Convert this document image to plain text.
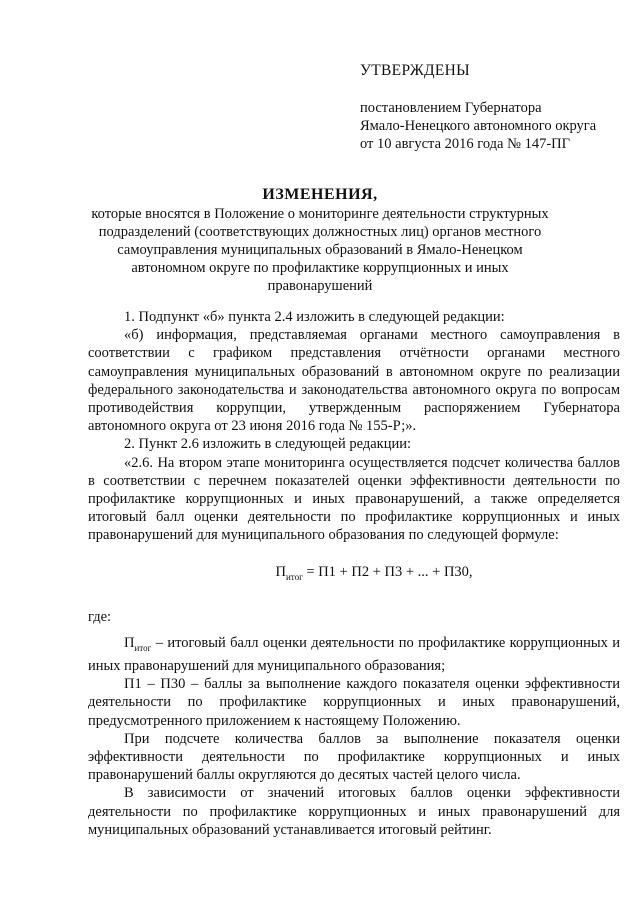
УТВЕРЖДЕНЫ
постановлением Губернатора
Ямало-Ненецкого автономного округа
от 10 августа 2016 года № 147-ПГ
ИЗМЕНЕНИЯ,
которые вносятся в Положение о мониторинге деятельности структурных подразделений (соответствующих должностных лиц) органов местного самоуправления муниципальных образований в Ямало-Ненецком автономном округе по профилактике коррупционных и иных правонарушений

1. Подпункт «б» пункта 2.4 изложить в следующей редакции:

«б) информация, представляемая органами местного самоуправления в соответствии с графиком представления отчётности органами местного самоуправления муниципальных образований в автономном округе по реализации федерального законодательства и законодательства автономного округа по вопросам противодействия коррупции, утвержденным распоряжением Губернатора автономного округа от 23 июня 2016 года № 155-Р;».

2. Пункт 2.6 изложить в следующей редакции:

«2.6. На втором этапе мониторинга осуществляется подсчет количества баллов в соответствии с перечнем показателей оценки эффективности деятельности по профилактике коррупционных и иных правонарушений, а также определяется итоговый балл оценки деятельности по профилактике коррупционных и иных правонарушений для муниципального образования по следующей формуле:

$П_{итог} = П1 + П2 + П3$ + ... + П30,

где:

$П_{итог}$ – итоговый балл оценки деятельности по профилактике коррупционных и иных правонарушений для муниципального образования;

П1 – П30 – баллы за выполнение каждого показателя оценки эффективности деятельности по профилактике коррупционных и иных правонарушений, предусмотренного приложением к настоящему Положению.

При подсчете количества баллов за выполнение показателя оценки эффективности деятельности по профилактике коррупционных и иных правонарушений баллы округляются до десятых частей целого числа.

В зависимости от значений итоговых баллов оценки эффективности деятельности по профилактике коррупционных и иных правонарушений для муниципальных образований устанавливается итоговый рейтинг.
